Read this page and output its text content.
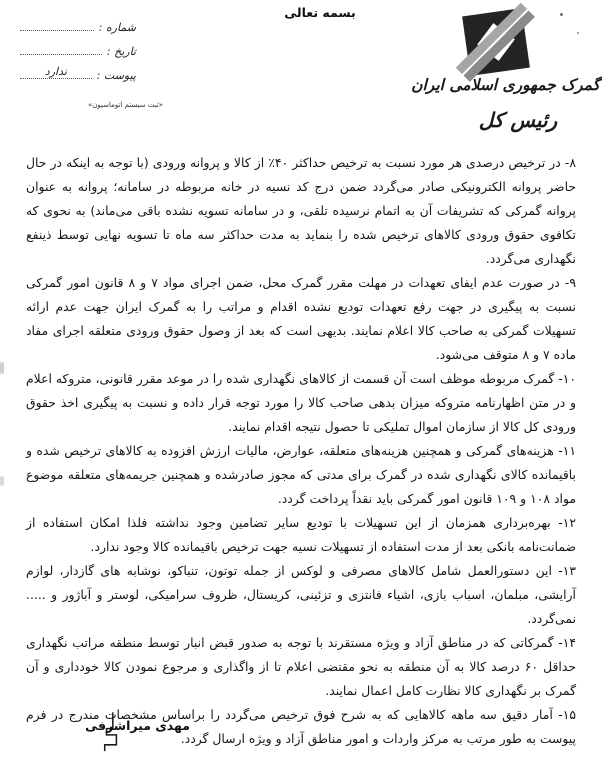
بسمه تعالی
گمرک جمهوری اسلامی ایران
رئیس کل
شماره :
تاریخ :
پیوست :
ندارد
«ثبت سیستم اتوماسیون»

۸- در ترخیص درصدی هر مورد نسبت به ترخیص حداکثر ۴۰٪ از کالا و پروانه ورودی (با توجه به اینکه در حال حاضر پروانه الکترونیکی صادر می‌گردد ضمن درج کد نسیه در خانه مربوطه در سامانه؛ پروانه به عنوان پروانه گمرکی که تشریفات آن به اتمام نرسیده تلقی، و در سامانه تسویه نشده باقی می‌ماند) به نحوی که تکافوی حقوق ورودی کالاهای ترخیص شده را بنماید به مدت حداکثر سه ماه تا تسویه نهایی توسط ذینفع نگهداری می‌گردد.

۹- در صورت عدم ایفای تعهدات در مهلت مقرر گمرک محل، ضمن اجرای مواد ۷ و ۸ قانون امور گمرکی نسبت به پیگیری در جهت رفع تعهدات تودیع نشده اقدام و مراتب را به گمرک ایران جهت عدم ارائه تسهیلات گمرکی به صاحب کالا اعلام نمایند. بدیهی است که بعد از وصول حقوق ورودی متعلقه اجرای مفاد ماده ۷ و ۸ متوقف می‌شود.

۱۰- گمرک مربوطه موظف است آن قسمت از کالاهای نگهداری شده را در موعد مقرر قانونی، متروکه اعلام و در متن اظهارنامه متروکه میزان بدهی صاحب کالا را مورد توجه قرار داده و نسبت به پیگیری اخذ حقوق ورودی کل کالا از سازمان اموال تملیکی تا حصول نتیجه اقدام نمایند.

۱۱- هزینه‌های گمرکی و همچنین هزینه‌های متعلقه، عوارض، مالیات ارزش افزوده به کالاهای ترخیص شده و باقیمانده کالای نگهداری شده در گمرک برای مدتی که مجوز صادرشده و همچنین جریمه‌های متعلقه موضوع مواد ۱۰۸ و ۱۰۹ قانون امور گمرکی باید نقداً پرداخت گردد.

۱۲- بهره‌برداری همزمان از این تسهیلات با تودیع سایر تضامین وجود نداشته فلذا امکان استفاده از ضمانت‌نامه بانکی بعد از مدت استفاده از تسهیلات نسیه جهت ترخیص باقیمانده کالا وجود ندارد.

۱۳- این دستورالعمل شامل کالاهای مصرفی و لوکس از جمله توتون، تنباکو، نوشابه های گازدار، لوازم آرایشی، مبلمان، اسباب بازی، اشیاء فانتزی و تزئینی، کریستال، ظروف سرامیکی، لوستر و آباژور و ..... نمی‌گردد.

۱۴- گمرکاتی که در مناطق آزاد و ویژه مستقرند با توجه به صدور قبض انبار توسط منطقه مراتب نگهداری حداقل ۶۰ درصد کالا به آن منطقه به نحو مقتضی اعلام تا از واگذاری و مرجوع نمودن کالا خودداری و آن گمرک بر نگهداری کالا نظارت کامل اعمال نمایند.

۱۵- آمار دقیق سه ماهه کالاهایی که به شرح فوق ترخیص می‌گردد را براساس مشخصات مندرج در فرم پیوست به طور مرتب به مرکز واردات و امور مناطق آزاد و ویژه ارسال گردد.

مهدی میراشرفی
